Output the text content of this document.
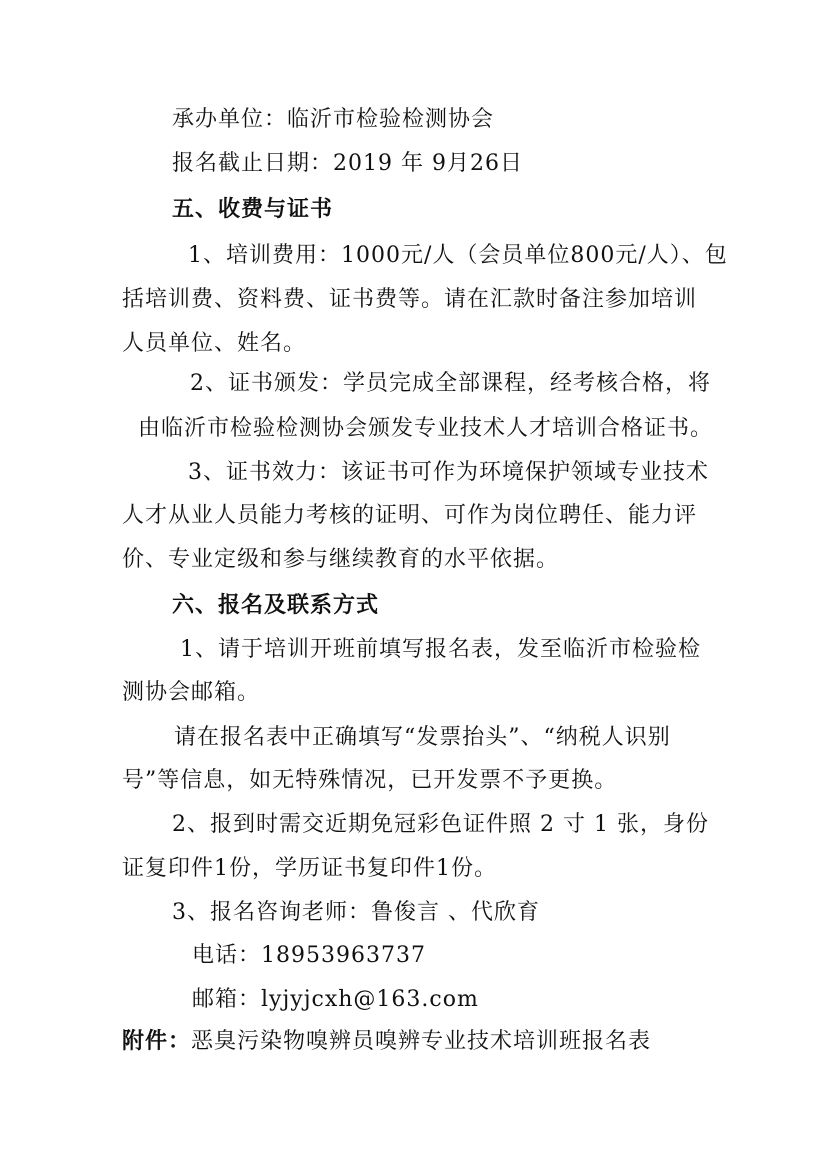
承办单位：临沂市检验检测协会
报名截止日期：2019 年 9月26日
五、收费与证书
1、培训费用：1000元/人（会员单位800元/人）、包
括培训费、资料费、证书费等。请在汇款时备注参加培训
人员单位、姓名。
2、证书颁发：学员完成全部课程，经考核合格，将
由临沂市检验检测协会颁发专业技术人才培训合格证书。
3、证书效力：该证书可作为环境保护领域专业技术
人才从业人员能力考核的证明、可作为岗位聘任、能力评
价、专业定级和参与继续教育的水平依据。
六、报名及联系方式
1、请于培训开班前填写报名表，发至临沂市检验检
测协会邮箱。
请在报名表中正确填写“发票抬头”、“纳税人识别
号”等信息，如无特殊情况，已开发票不予更换。
2、报到时需交近期免冠彩色证件照 2 寸 1 张，身份
证复印件1份，学历证书复印件1份。
3、报名咨询老师：鲁俊言 、代欣育
电话：18953963737
邮箱：lyjyjcxh@163.com
附件：恶臭污染物嗅辨员嗅辨专业技术培训班报名表
